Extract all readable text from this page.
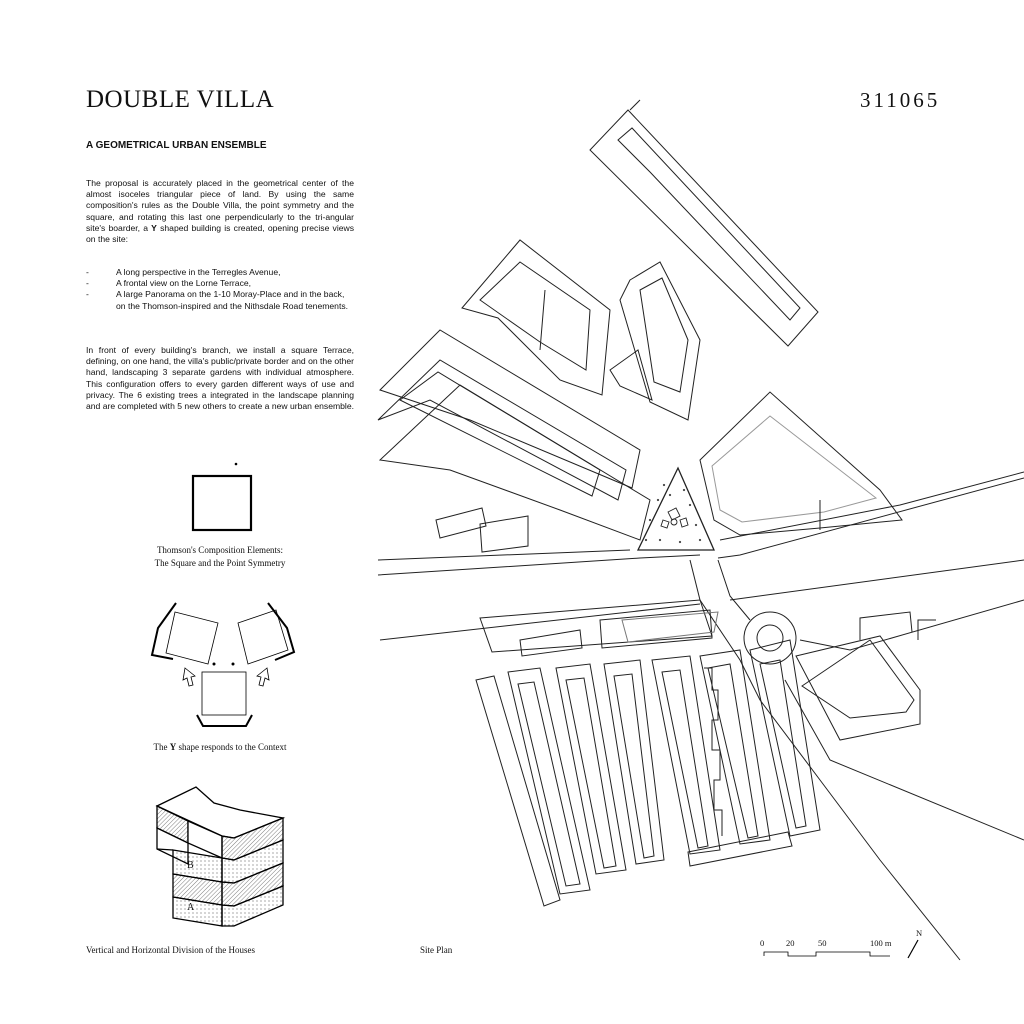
DOUBLE VILLA	311065
A GEOMETRICAL URBAN ENSEMBLE
The proposal is accurately placed in the geometrical center of the almost isoceles triangular piece of land. By using the same composition's rules as the Double Villa, the point symmetry and the square, and rotating this last one perpendicularly to the tri-angular site's boarder, a Y shaped building is created, opening precise views on the site:
-	A long perspective in the Terregles Avenue,
-	A frontal view on the Lorne Terrace,
-	A large Panorama on the 1-10 Moray-Place and in the back, on the Thomson-inspired and the Nithsdale Road tenements.
In front of every building's branch, we install a square Terrace, defining, on one hand, the villa's public/private border and on the other hand, landscaping 3 separate gardens with individual atmosphere. This configuration offers to every garden different ways of use and privacy. The 6 existing trees a integrated in the landscape planning and are completed with 5 new others to create a new urban ensemble.
B
A
Thomson's Composition Elements:
The Square and the Point Symmetry
The Y shape responds to the Context
Vertical and Horizontal Division of the Houses	Site Plan
0	20	50	100 m
N
